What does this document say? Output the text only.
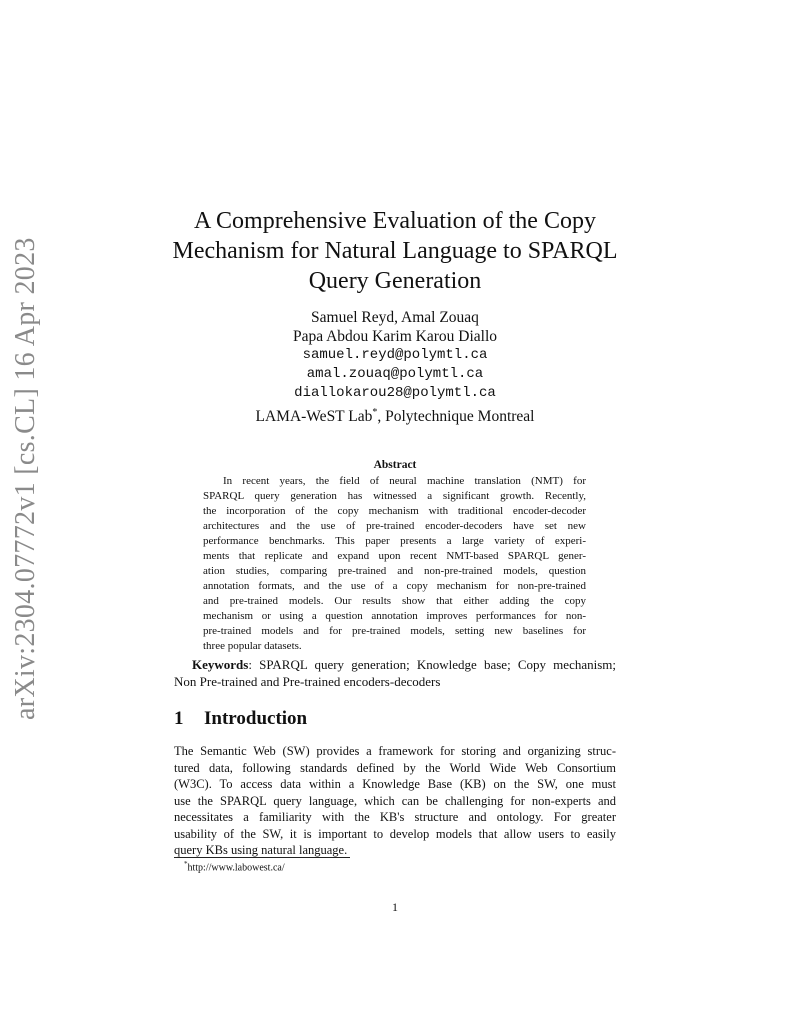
arXiv:2304.07772v1 [cs.CL] 16 Apr 2023
A Comprehensive Evaluation of the Copy
Mechanism for Natural Language to SPARQL
Query Generation
Samuel Reyd, Amal Zouaq
Papa Abdou Karim Karou Diallo
samuel.reyd@polymtl.ca
amal.zouaq@polymtl.ca
diallokarou28@polymtl.ca
LAMA-WeST Lab*, Polytechnique Montreal
Abstract
In recent years, the field of neural machine translation (NMT) for
SPARQL query generation has witnessed a significant growth. Recently,
the incorporation of the copy mechanism with traditional encoder-decoder
architectures and the use of pre-trained encoder-decoders have set new
performance benchmarks. This paper presents a large variety of experi-
ments that replicate and expand upon recent NMT-based SPARQL gener-
ation studies, comparing pre-trained and non-pre-trained models, question
annotation formats, and the use of a copy mechanism for non-pre-trained
and pre-trained models. Our results show that either adding the copy
mechanism or using a question annotation improves performances for non-
pre-trained models and for pre-trained models, setting new baselines for
three popular datasets.
Keywords: SPARQL query generation; Knowledge base; Copy mechanism;
Non Pre-trained and Pre-trained encoders-decoders
1 Introduction
The Semantic Web (SW) provides a framework for storing and organizing struc-
tured data, following standards defined by the World Wide Web Consortium
(W3C). To access data within a Knowledge Base (KB) on the SW, one must
use the SPARQL query language, which can be challenging for non-experts and
necessitates a familiarity with the KB's structure and ontology. For greater
usability of the SW, it is important to develop models that allow users to easily
query KBs using natural language.
*http://www.labowest.ca/
1
